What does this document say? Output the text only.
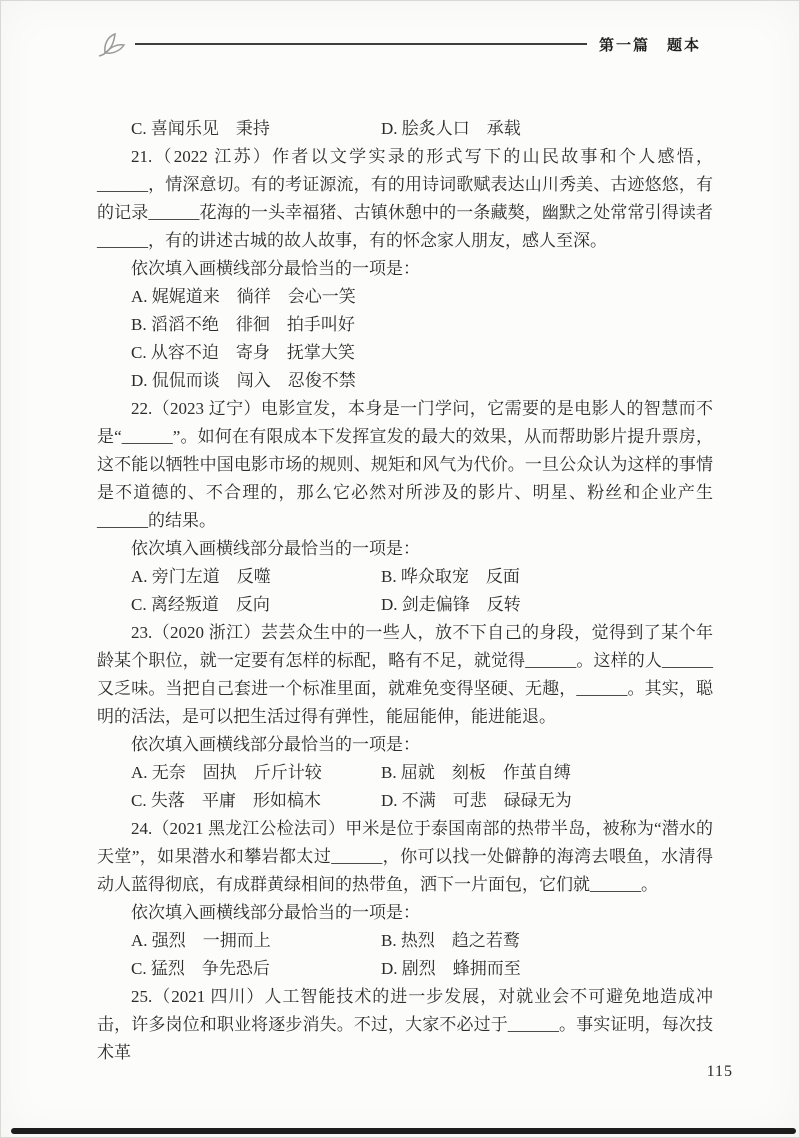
第一篇　题本
C. 喜闻乐见　秉持	D. 脍炙人口　承载

21.（2022 江苏）作者以文学实录的形式写下的山民故事和个人感悟，______，情深意切。有的考证源流，有的用诗词歌赋表达山川秀美、古迹悠悠，有的记录______花海的一头幸福猪、古镇休憩中的一条藏獒，幽默之处常常引得读者______，有的讲述古城的故人故事，有的怀念家人朋友，感人至深。

依次填入画横线部分最恰当的一项是：

A. 娓娓道来　徜徉　会心一笑

B. 滔滔不绝　徘徊　拍手叫好

C. 从容不迫　寄身　抚掌大笑

D. 侃侃而谈　闯入　忍俊不禁

22.（2023 辽宁）电影宣发，本身是一门学问，它需要的是电影人的智慧而不是“______”。如何在有限成本下发挥宣发的最大的效果，从而帮助影片提升票房，这不能以牺牲中国电影市场的规则、规矩和风气为代价。一旦公众认为这样的事情是不道德的、不合理的，那么它必然对所涉及的影片、明星、粉丝和企业产生______的结果。

依次填入画横线部分最恰当的一项是：

A. 旁门左道　反噬	B. 哗众取宠　反面
C. 离经叛道　反向	D. 剑走偏锋　反转

23.（2020 浙江）芸芸众生中的一些人，放不下自己的身段，觉得到了某个年龄某个职位，就一定要有怎样的标配，略有不足，就觉得______。这样的人______又乏味。当把自己套进一个标准里面，就难免变得坚硬、无趣，______。其实，聪明的活法，是可以把生活过得有弹性，能屈能伸，能进能退。

依次填入画横线部分最恰当的一项是：

A. 无奈　固执　斤斤计较	B. 屈就　刻板　作茧自缚
C. 失落　平庸　形如槁木	D. 不满　可悲　碌碌无为

24.（2021 黑龙江公检法司）甲米是位于泰国南部的热带半岛，被称为“潜水的天堂”，如果潜水和攀岩都太过______，你可以找一处僻静的海湾去喂鱼，水清得动人蓝得彻底，有成群黄绿相间的热带鱼，洒下一片面包，它们就______。

依次填入画横线部分最恰当的一项是：

A. 强烈　一拥而上	B. 热烈　趋之若鹜
C. 猛烈　争先恐后	D. 剧烈　蜂拥而至

25.（2021 四川）人工智能技术的进一步发展，对就业会不可避免地造成冲击，许多岗位和职业将逐步消失。不过，大家不必过于______。事实证明，每次技术革

115
